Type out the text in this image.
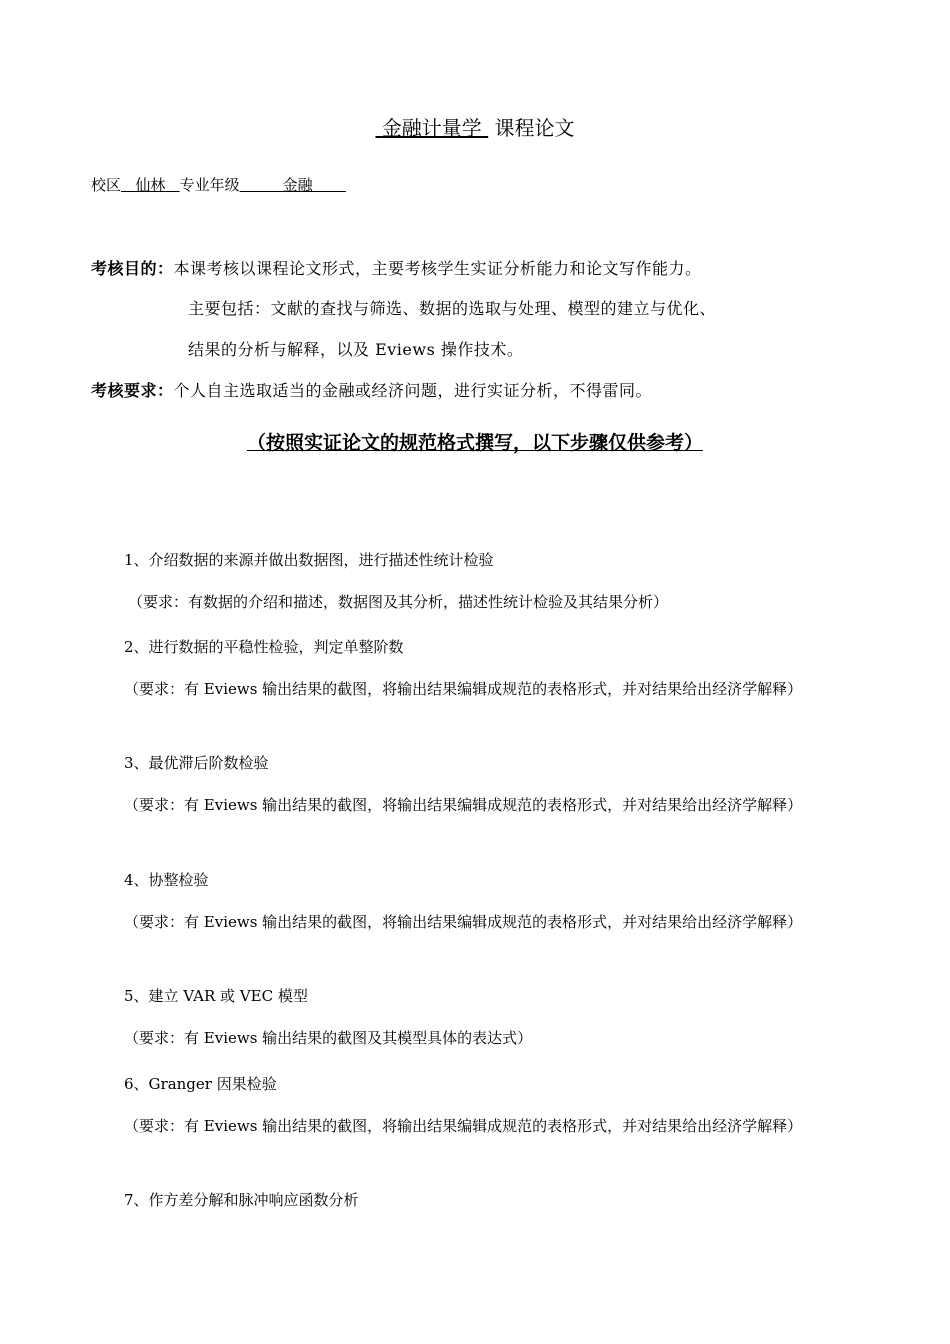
金融计量学 课程论文
校区 仙林 专业年级	金融
考核目的：本课考核以课程论文形式，主要考核学生实证分析能力和论文写作能力。
主要包括：文献的查找与筛选、数据的选取与处理、模型的建立与优化、
结果的分析与解释，以及 Eviews 操作技术。
考核要求：个人自主选取适当的金融或经济问题，进行实证分析，不得雷同。
（按照实证论文的规范格式撰写，以下步骤仅供参考）
1、介绍数据的来源并做出数据图，进行描述性统计检验
（要求：有数据的介绍和描述，数据图及其分析，描述性统计检验及其结果分析）
2、进行数据的平稳性检验，判定单整阶数
（要求：有 Eviews 输出结果的截图，将输出结果编辑成规范的表格形式，并对结果给出经济学解释）
3、最优滞后阶数检验
（要求：有 Eviews 输出结果的截图，将输出结果编辑成规范的表格形式，并对结果给出经济学解释）
4、协整检验
（要求：有 Eviews 输出结果的截图，将输出结果编辑成规范的表格形式，并对结果给出经济学解释）
5、建立 VAR 或 VEC 模型
（要求：有 Eviews 输出结果的截图及其模型具体的表达式）
6、Granger 因果检验
（要求：有 Eviews 输出结果的截图，将输出结果编辑成规范的表格形式，并对结果给出经济学解释）
7、作方差分解和脉冲响应函数分析
